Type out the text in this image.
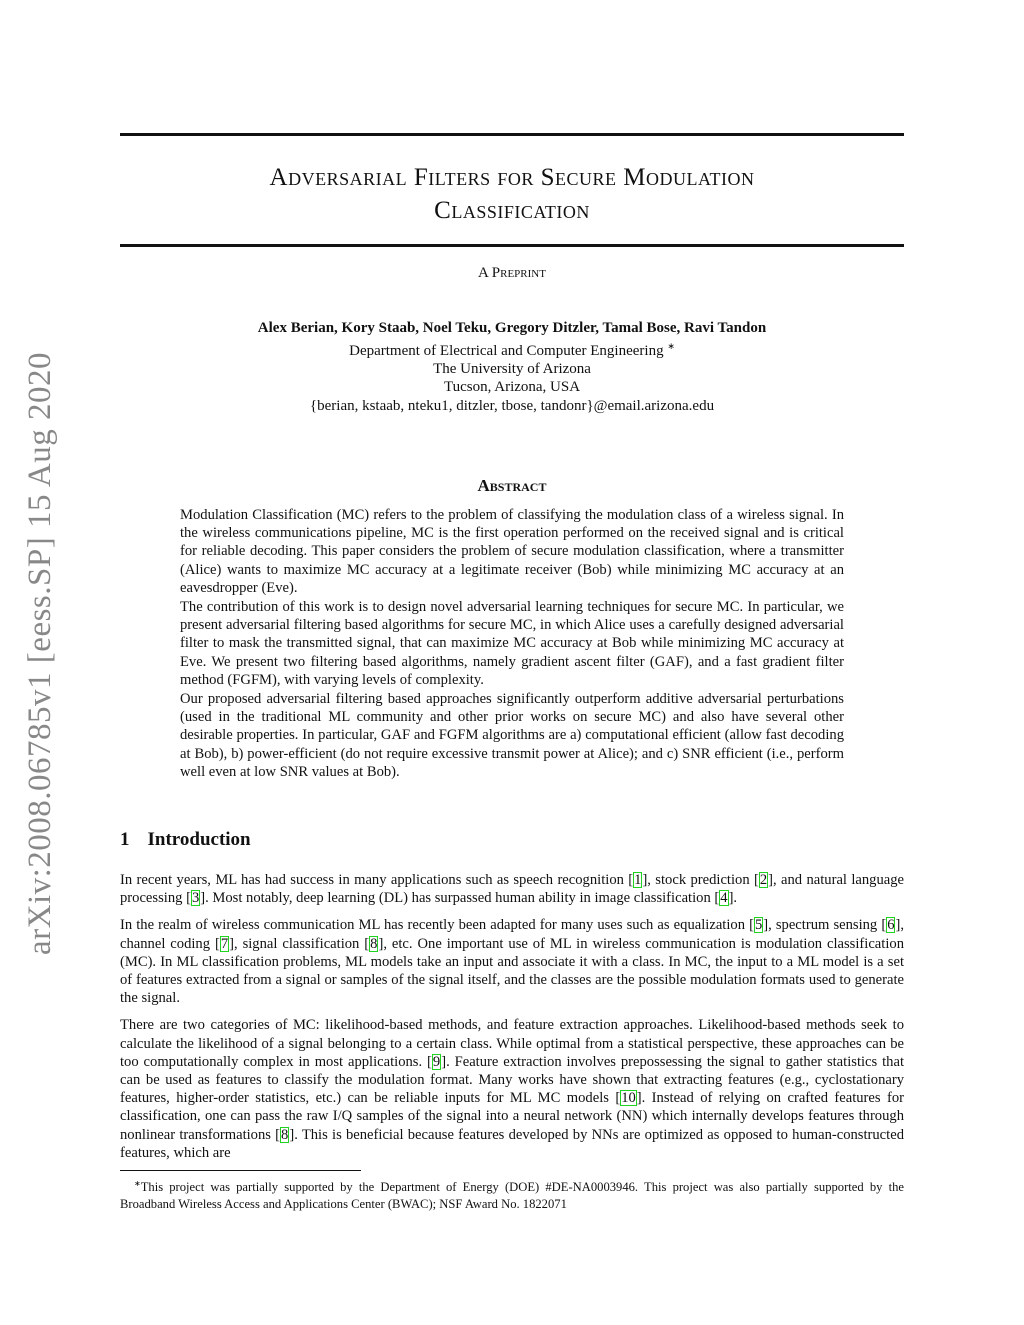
arXiv:2008.06785v1 [eess.SP] 15 Aug 2020
Adversarial Filters for Secure Modulation
Classification
A Preprint
Alex Berian, Kory Staab, Noel Teku, Gregory Ditzler, Tamal Bose, Ravi Tandon
Department of Electrical and Computer Engineering ∗
The University of Arizona
Tucson, Arizona, USA
{berian, kstaab, nteku1, ditzler, tbose, tandonr}@email.arizona.edu
Abstract

Modulation Classification (MC) refers to the problem of classifying the modulation class of a wireless signal. In the wireless communications pipeline, MC is the first operation performed on the received signal and is critical for reliable decoding. This paper considers the problem of secure modulation classification, where a transmitter (Alice) wants to maximize MC accuracy at a legitimate receiver (Bob) while minimizing MC accuracy at an eavesdropper (Eve).

The contribution of this work is to design novel adversarial learning techniques for secure MC. In particular, we present adversarial filtering based algorithms for secure MC, in which Alice uses a carefully designed adversarial filter to mask the transmitted signal, that can maximize MC accuracy at Bob while minimizing MC accuracy at Eve. We present two filtering based algorithms, namely gradient ascent filter (GAF), and a fast gradient filter method (FGFM), with varying levels of complexity.

Our proposed adversarial filtering based approaches significantly outperform additive adversarial perturbations (used in the traditional ML community and other prior works on secure MC) and also have several other desirable properties. In particular, GAF and FGFM algorithms are a) computational efficient (allow fast decoding at Bob), b) power-efficient (do not require excessive transmit power at Alice); and c) SNR efficient (i.e., perform well even at low SNR values at Bob).

1 Introduction

In recent years, ML has had success in many applications such as speech recognition [1], stock prediction [2], and natural language processing [3]. Most notably, deep learning (DL) has surpassed human ability in image classification [4].

In the realm of wireless communication ML has recently been adapted for many uses such as equalization [5], spectrum sensing [6], channel coding [7], signal classification [8], etc. One important use of ML in wireless communication is modulation classification (MC). In ML classification problems, ML models take an input and associate it with a class. In MC, the input to a ML model is a set of features extracted from a signal or samples of the signal itself, and the classes are the possible modulation formats used to generate the signal.

There are two categories of MC: likelihood-based methods, and feature extraction approaches. Likelihood-based methods seek to calculate the likelihood of a signal belonging to a certain class. While optimal from a statistical perspective, these approaches can be too computationally complex in most applications. [9]. Feature extraction involves prepossessing the signal to gather statistics that can be used as features to classify the modulation format. Many works have shown that extracting features (e.g., cyclostationary features, higher-order statistics, etc.) can be reliable inputs for ML MC models [10]. Instead of relying on crafted features for classification, one can pass the raw I/Q samples of the signal into a neural network (NN) which internally develops features through nonlinear transformations [8]. This is beneficial because features developed by NNs are optimized as opposed to human-constructed features, which are

∗This project was partially supported by the Department of Energy (DOE) #DE-NA0003946. This project was also partially supported by the Broadband Wireless Access and Applications Center (BWAC); NSF Award No. 1822071
